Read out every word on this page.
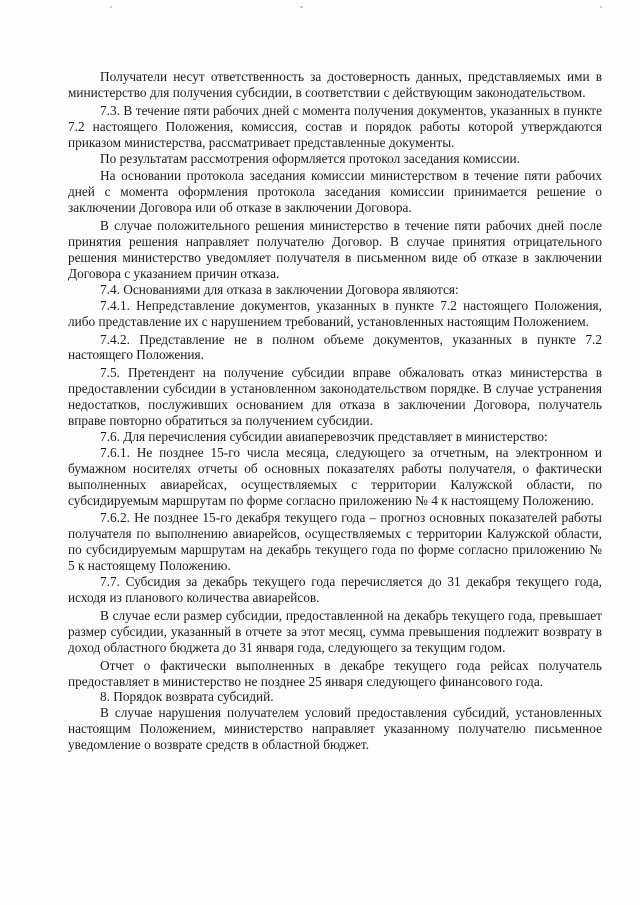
Получатели несут ответственность за достоверность данных, представляемых ими в министерство для получения субсидии, в соответствии с действующим законодательством.

7.3. В течение пяти рабочих дней с момента получения документов, указанных в пункте 7.2 настоящего Положения, комиссия, состав и порядок работы которой утверждаются приказом министерства, рассматривает представленные документы.

По результатам рассмотрения оформляется протокол заседания комиссии.

На основании протокола заседания комиссии министерством в течение пяти рабочих дней с момента оформления протокола заседания комиссии принимается решение о заключении Договора или об отказе в заключении Договора.

В случае положительного решения министерство в течение пяти рабочих дней после принятия решения направляет получателю Договор. В случае принятия отрицательного решения министерство уведомляет получателя в письменном виде об отказе в заключении Договора с указанием причин отказа.

7.4. Основаниями для отказа в заключении Договора являются:

7.4.1. Непредставление документов, указанных в пункте 7.2 настоящего Положения, либо представление их с нарушением требований, установленных настоящим Положением.

7.4.2. Представление не в полном объеме документов, указанных в пункте 7.2 настоящего Положения.

7.5. Претендент на получение субсидии вправе обжаловать отказ министерства в предоставлении субсидии в установленном законодательством порядке. В случае устранения недостатков, послуживших основанием для отказа в заключении Договора, получатель вправе повторно обратиться за получением субсидии.

7.6. Для перечисления субсидии авиаперевозчик представляет в министерство:

7.6.1. Не позднее 15-го числа месяца, следующего за отчетным, на электронном и бумажном носителях отчеты об основных показателях работы получателя, о фактически выполненных авиарейсах, осуществляемых с территории Калужской области, по субсидируемым маршрутам по форме согласно приложению № 4 к настоящему Положению.

7.6.2. Не позднее 15-го декабря текущего года – прогноз основных показателей работы получателя по выполнению авиарейсов, осуществляемых с территории Калужской области, по субсидируемым маршрутам на декабрь текущего года по форме согласно приложению № 5 к настоящему Положению.

7.7. Субсидия за декабрь текущего года перечисляется до 31 декабря текущего года, исходя из планового количества авиарейсов.

В случае если размер субсидии, предоставленной на декабрь текущего года, превышает размер субсидии, указанный в отчете за этот месяц, сумма превышения подлежит возврату в доход областного бюджета до 31 января года, следующего за текущим годом.

Отчет о фактически выполненных в декабре текущего года рейсах получатель предоставляет в министерство не позднее 25 января следующего финансового года.

8. Порядок возврата субсидий.

В случае нарушения получателем условий предоставления субсидий, установленных настоящим Положением, министерство направляет указанному получателю письменное уведомление о возврате средств в областной бюджет.
